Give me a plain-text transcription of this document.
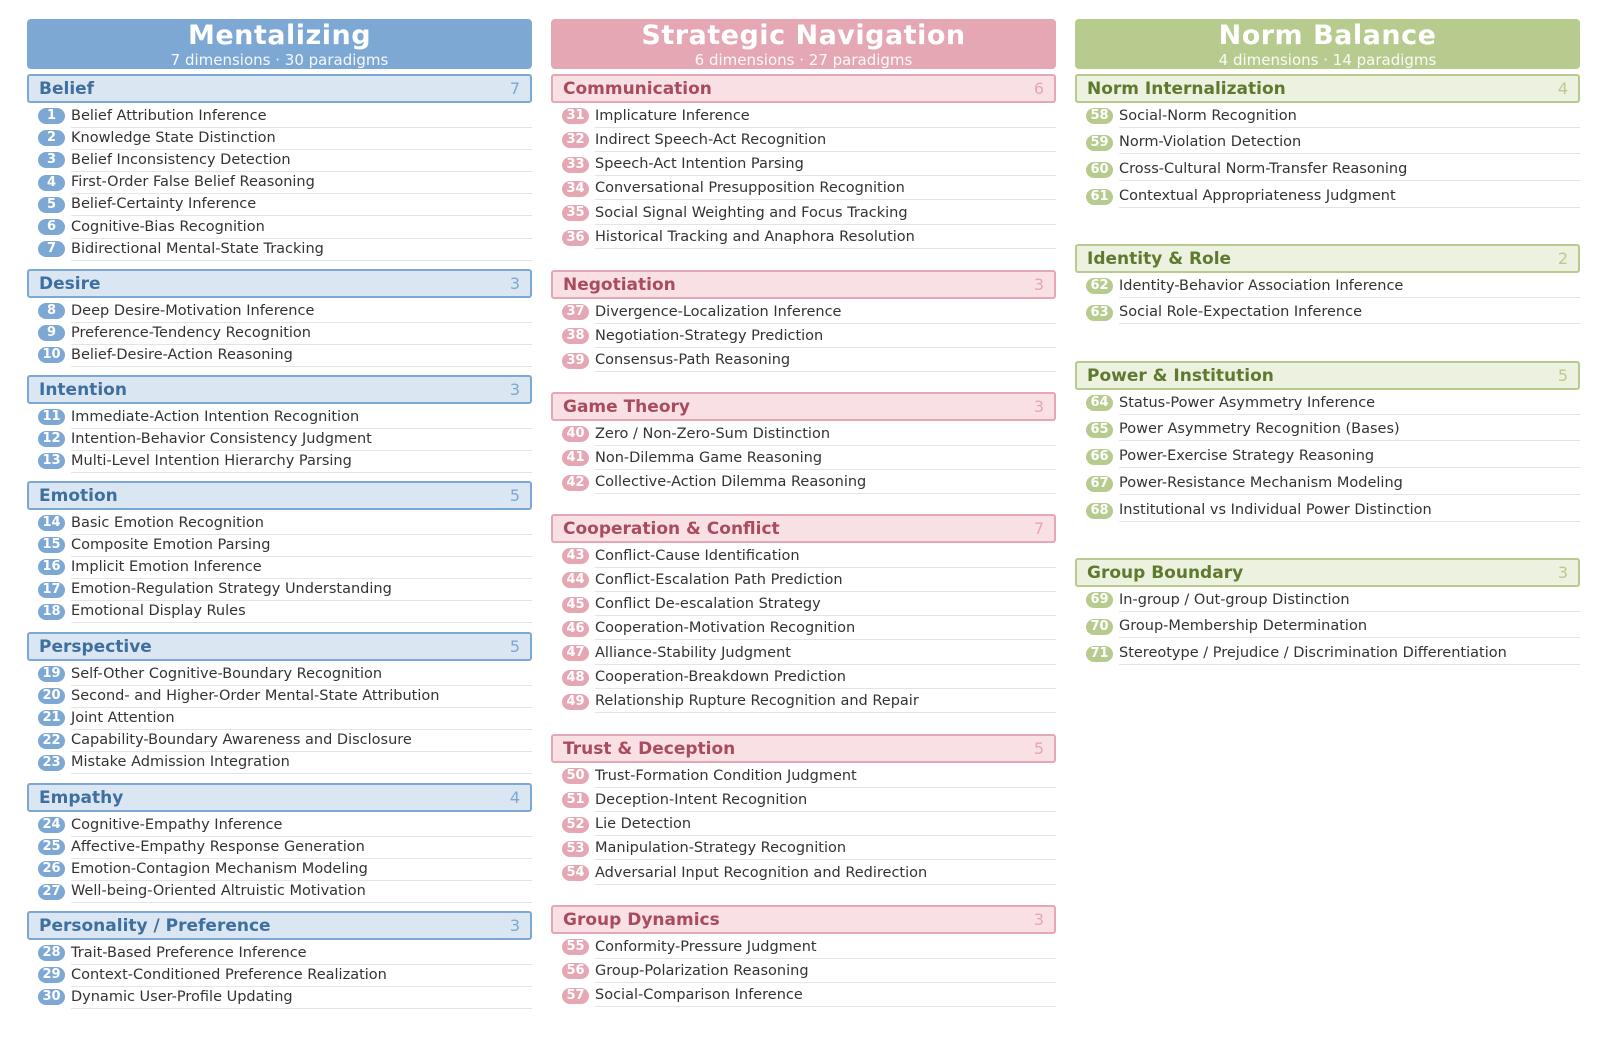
Mentalizing
7 dimensions · 30 paradigms
Belief	7
1	Belief Attribution Inference
2	Knowledge State Distinction
3	Belief Inconsistency Detection
4	First-Order False Belief Reasoning
5	Belief-Certainty Inference
6	Cognitive-Bias Recognition
7	Bidirectional Mental-State Tracking
Desire	3
8	Deep Desire-Motivation Inference
9	Preference-Tendency Recognition
10 Belief-Desire-Action Reasoning
Intention	3
11 Immediate-Action Intention Recognition
12 Intention-Behavior Consistency Judgment
13 Multi-Level Intention Hierarchy Parsing
Emotion	5
14 Basic Emotion Recognition
15 Composite Emotion Parsing
16 Implicit Emotion Inference
17 Emotion-Regulation Strategy Understanding
18 Emotional Display Rules
Perspective	5
19 Self-Other Cognitive-Boundary Recognition
20 Second- and Higher-Order Mental-State Attribution
21 Joint Attention
22 Capability-Boundary Awareness and Disclosure
23 Mistake Admission Integration
Empathy	4
24 Cognitive-Empathy Inference
25 Affective-Empathy Response Generation
26 Emotion-Contagion Mechanism Modeling
27 Well-being-Oriented Altruistic Motivation
Personality / Preference	3
28 Trait-Based Preference Inference
29 Context-Conditioned Preference Realization
30 Dynamic User-Profile Updating
Strategic Navigation
6 dimensions · 27 paradigms
Communication	6
31 Implicature Inference
32 Indirect Speech-Act Recognition
33 Speech-Act Intention Parsing
34 Conversational Presupposition Recognition
35 Social Signal Weighting and Focus Tracking
36 Historical Tracking and Anaphora Resolution
Negotiation	3
37 Divergence-Localization Inference
38 Negotiation-Strategy Prediction
39 Consensus-Path Reasoning
Game Theory	3
40 Zero / Non-Zero-Sum Distinction
41 Non-Dilemma Game Reasoning
42 Collective-Action Dilemma Reasoning
Cooperation & Conflict	7
43 Conflict-Cause Identification
44 Conflict-Escalation Path Prediction
45 Conflict De-escalation Strategy
46 Cooperation-Motivation Recognition
47 Alliance-Stability Judgment
48 Cooperation-Breakdown Prediction
49 Relationship Rupture Recognition and Repair
Trust & Deception	5
50 Trust-Formation Condition Judgment
51 Deception-Intent Recognition
52 Lie Detection
53 Manipulation-Strategy Recognition
54 Adversarial Input Recognition and Redirection
Group Dynamics	3
55 Conformity-Pressure Judgment
56 Group-Polarization Reasoning
57 Social-Comparison Inference
Norm Balance
4 dimensions · 14 paradigms
Norm Internalization	4
58 Social-Norm Recognition
59 Norm-Violation Detection
60 Cross-Cultural Norm-Transfer Reasoning
61 Contextual Appropriateness Judgment
Identity & Role	2
62 Identity-Behavior Association Inference
63 Social Role-Expectation Inference
Power & Institution	5
64 Status-Power Asymmetry Inference
65 Power Asymmetry Recognition (Bases)
66 Power-Exercise Strategy Reasoning
67 Power-Resistance Mechanism Modeling
68 Institutional vs Individual Power Distinction
Group Boundary	3
69 In-group / Out-group Distinction
70 Group-Membership Determination
71 Stereotype / Prejudice / Discrimination Differentiation
